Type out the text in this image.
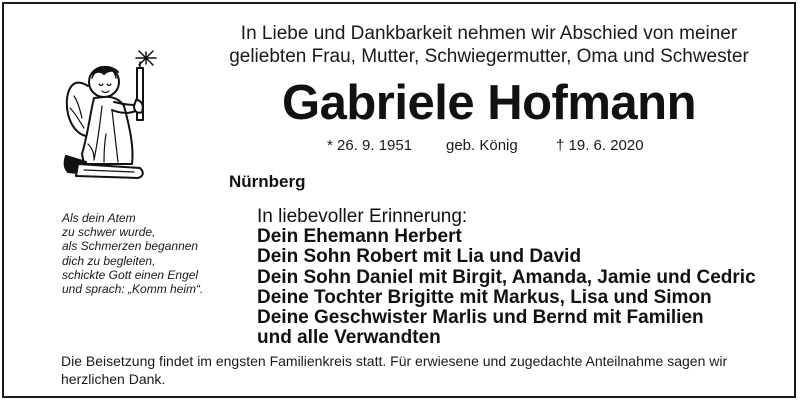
In Liebe und Dankbarkeit nehmen wir Abschied von meiner
geliebten Frau, Mutter, Schwiegermutter, Oma und Schwester
Gabriele Hofmann
* 26. 9. 1951 geb. König	† 19. 6. 2020
Nürnberg
Als dein Atem
zu schwer wurde,
als Schmerzen begannen
dich zu begleiten,
schickte Gott einen Engel
und sprach: „Komm heim“.
In liebevoller Erinnerung:
Dein Ehemann Herbert
Dein Sohn Robert mit Lia und David
Dein Sohn Daniel mit Birgit, Amanda, Jamie und Cedric
Deine Tochter Brigitte mit Markus, Lisa und Simon
Deine Geschwister Marlis und Bernd mit Familien
und alle Verwandten
Die Beisetzung findet im engsten Familienkreis statt. Für erwiesene und zugedachte Anteilnahme sagen wir herzlichen Dank.
